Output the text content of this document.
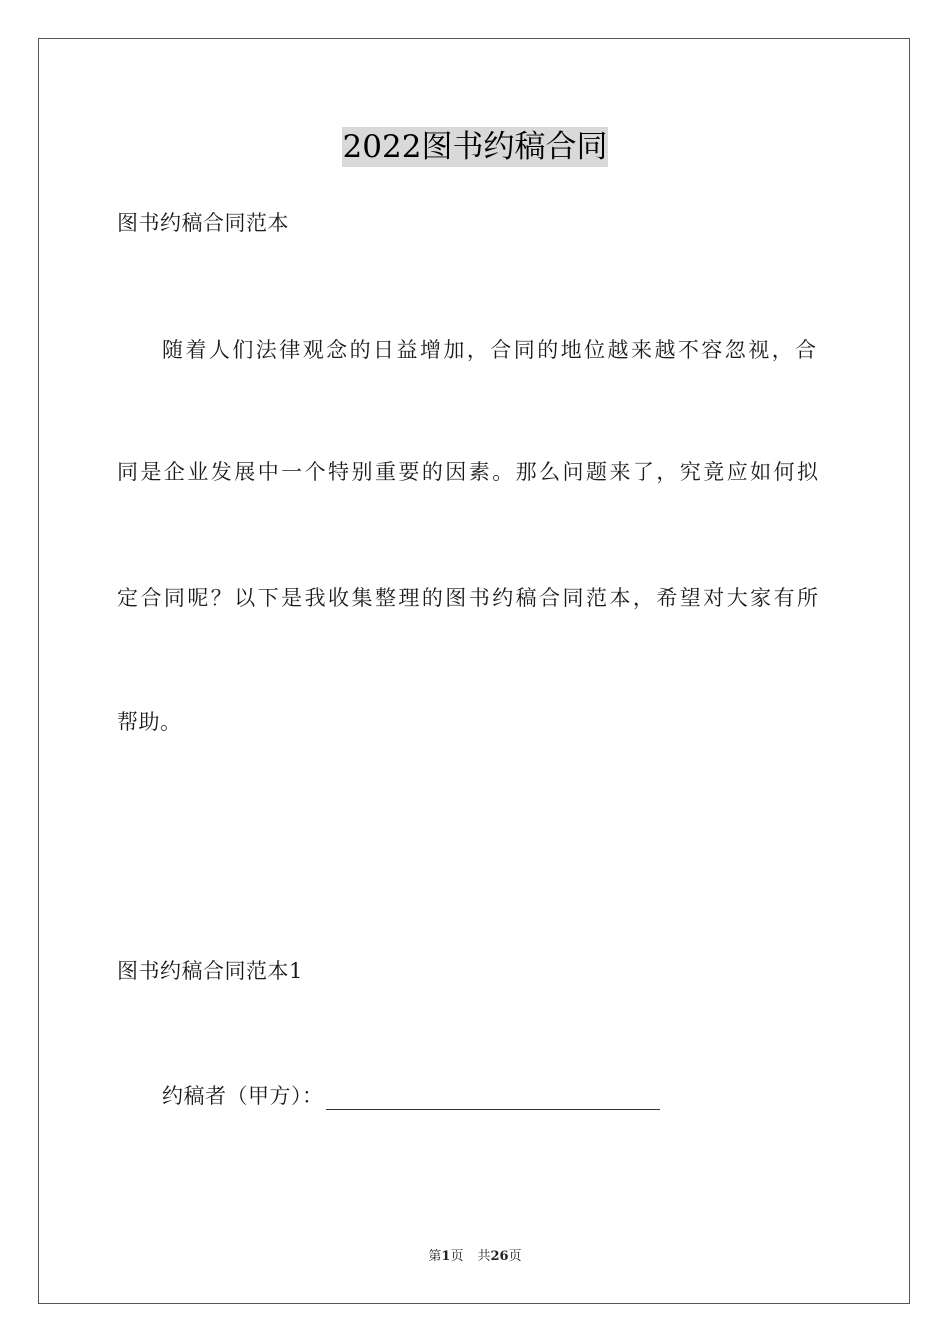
2022图书约稿合同
图书约稿合同范本
随着人们法律观念的日益增加，合同的地位越来越不容忽视，合
同是企业发展中一个特别重要的因素。那么问题来了，究竟应如何拟
定合同呢？以下是我收集整理的图书约稿合同范本，希望对大家有所
帮助。
图书约稿合同范本1
约稿者（甲方）：
第1页 共26页
